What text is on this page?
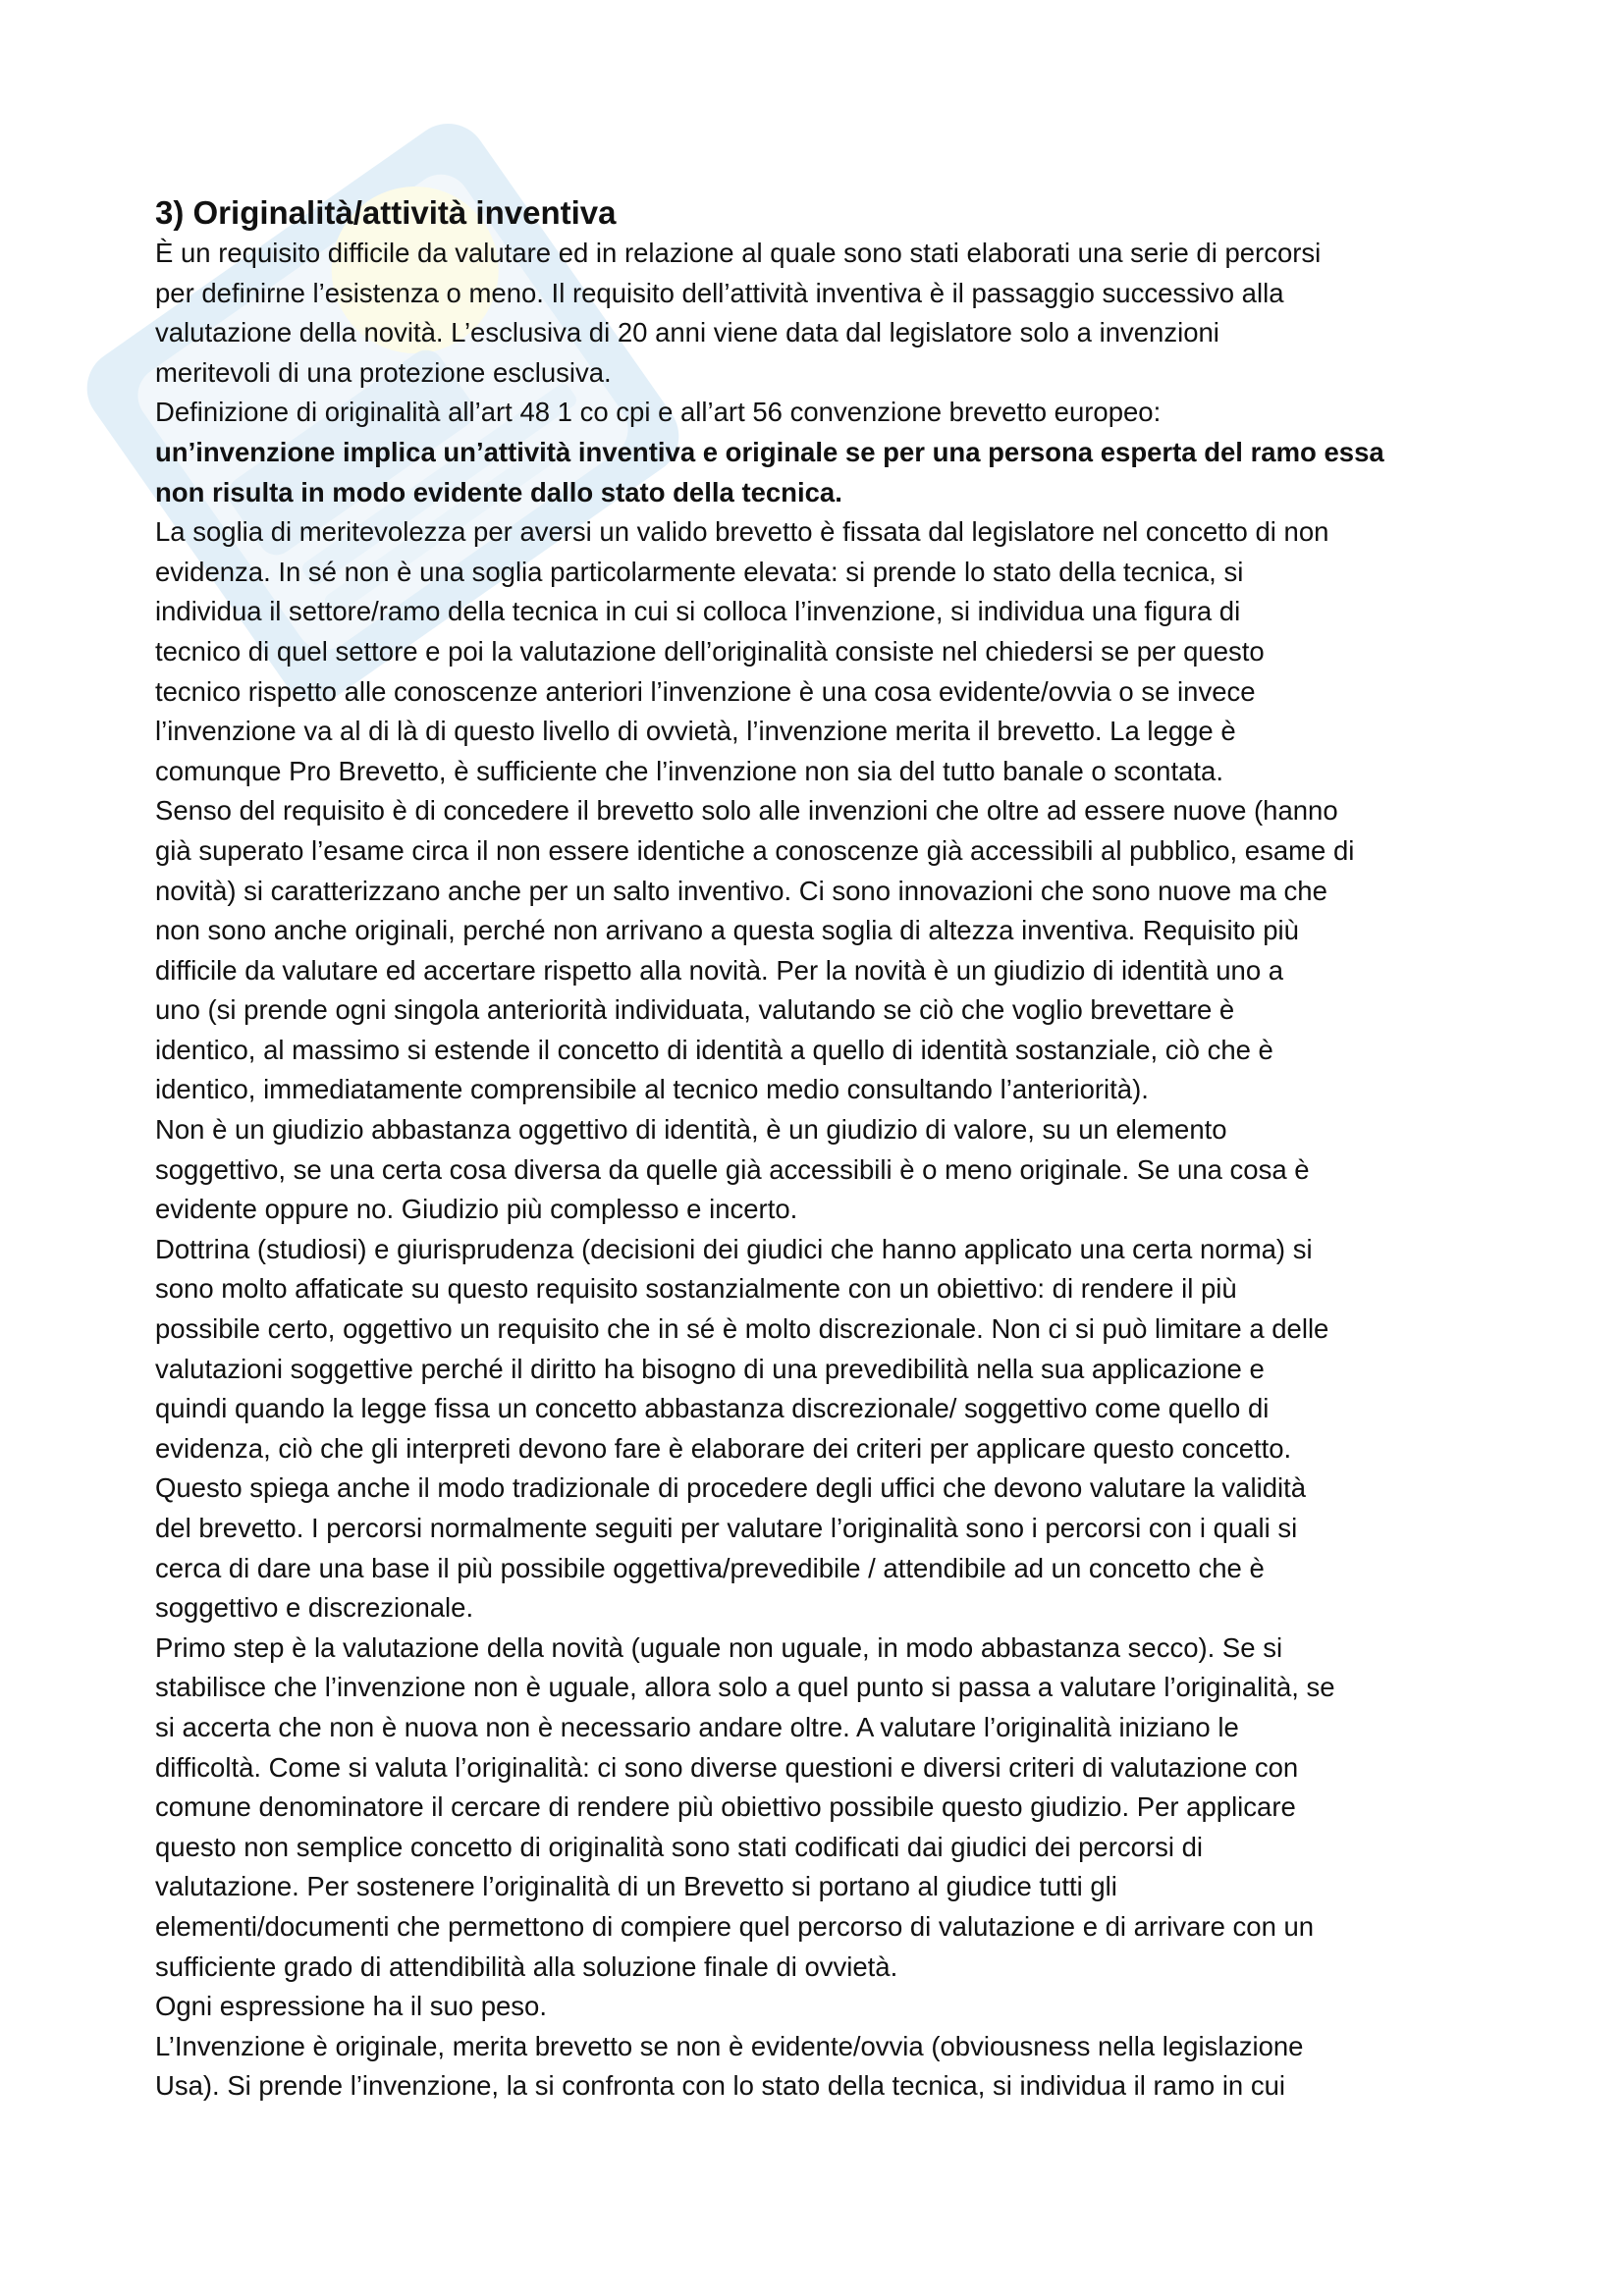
3) Originalità/attività inventiva

È un requisito difficile da valutare ed in relazione al quale sono stati elaborati una serie di percorsi

per definirne l’esistenza o meno. Il requisito dell’attività inventiva è il passaggio successivo alla

valutazione della novità. L’esclusiva di 20 anni viene data dal legislatore solo a invenzioni

meritevoli di una protezione esclusiva.

Definizione di originalità all’art 48 1 co cpi e all’art 56 convenzione brevetto europeo:

un’invenzione implica un’attività inventiva e originale se per una persona esperta del ramo essa

non risulta in modo evidente dallo stato della tecnica.

La soglia di meritevolezza per aversi un valido brevetto è fissata dal legislatore nel concetto di non

evidenza. In sé non è una soglia particolarmente elevata: si prende lo stato della tecnica, si

individua il settore/ramo della tecnica in cui si colloca l’invenzione, si individua una figura di

tecnico di quel settore e poi la valutazione dell’originalità consiste nel chiedersi se per questo

tecnico rispetto alle conoscenze anteriori l’invenzione è una cosa evidente/ovvia o se invece

l’invenzione va al di là di questo livello di ovvietà, l’invenzione merita il brevetto. La legge è

comunque Pro Brevetto, è sufficiente che l’invenzione non sia del tutto banale o scontata.

Senso del requisito è di concedere il brevetto solo alle invenzioni che oltre ad essere nuove (hanno

già superato l’esame circa il non essere identiche a conoscenze già accessibili al pubblico, esame di

novità) si caratterizzano anche per un salto inventivo. Ci sono innovazioni che sono nuove ma che

non sono anche originali, perché non arrivano a questa soglia di altezza inventiva. Requisito più

difficile da valutare ed accertare rispetto alla novità. Per la novità è un giudizio di identità uno a

uno (si prende ogni singola anteriorità individuata, valutando se ciò che voglio brevettare è

identico, al massimo si estende il concetto di identità a quello di identità sostanziale, ciò che è

identico, immediatamente comprensibile al tecnico medio consultando l’anteriorità).

Non è un giudizio abbastanza oggettivo di identità, è un giudizio di valore, su un elemento

soggettivo, se una certa cosa diversa da quelle già accessibili è o meno originale. Se una cosa è

evidente oppure no. Giudizio più complesso e incerto.

Dottrina (studiosi) e giurisprudenza (decisioni dei giudici che hanno applicato una certa norma) si

sono molto affaticate su questo requisito sostanzialmente con un obiettivo: di rendere il più

possibile certo, oggettivo un requisito che in sé è molto discrezionale. Non ci si può limitare a delle

valutazioni soggettive perché il diritto ha bisogno di una prevedibilità nella sua applicazione e

quindi quando la legge fissa un concetto abbastanza discrezionale/ soggettivo come quello di

evidenza, ciò che gli interpreti devono fare è elaborare dei criteri per applicare questo concetto.

Questo spiega anche il modo tradizionale di procedere degli uffici che devono valutare la validità

del brevetto. I percorsi normalmente seguiti per valutare l’originalità sono i percorsi con i quali si

cerca di dare una base il più possibile oggettiva/prevedibile / attendibile ad un concetto che è

soggettivo e discrezionale.

Primo step è la valutazione della novità (uguale non uguale, in modo abbastanza secco). Se si

stabilisce che l’invenzione non è uguale, allora solo a quel punto si passa a valutare l’originalità, se

si accerta che non è nuova non è necessario andare oltre. A valutare l’originalità iniziano le

difficoltà. Come si valuta l’originalità: ci sono diverse questioni e diversi criteri di valutazione con

comune denominatore il cercare di rendere più obiettivo possibile questo giudizio. Per applicare

questo non semplice concetto di originalità sono stati codificati dai giudici dei percorsi di

valutazione. Per sostenere l’originalità di un Brevetto si portano al giudice tutti gli

elementi/documenti che permettono di compiere quel percorso di valutazione e di arrivare con un

sufficiente grado di attendibilità alla soluzione finale di ovvietà.

Ogni espressione ha il suo peso.

L’Invenzione è originale, merita brevetto se non è evidente/ovvia (obviousness nella legislazione

Usa). Si prende l’invenzione, la si confronta con lo stato della tecnica, si individua il ramo in cui
